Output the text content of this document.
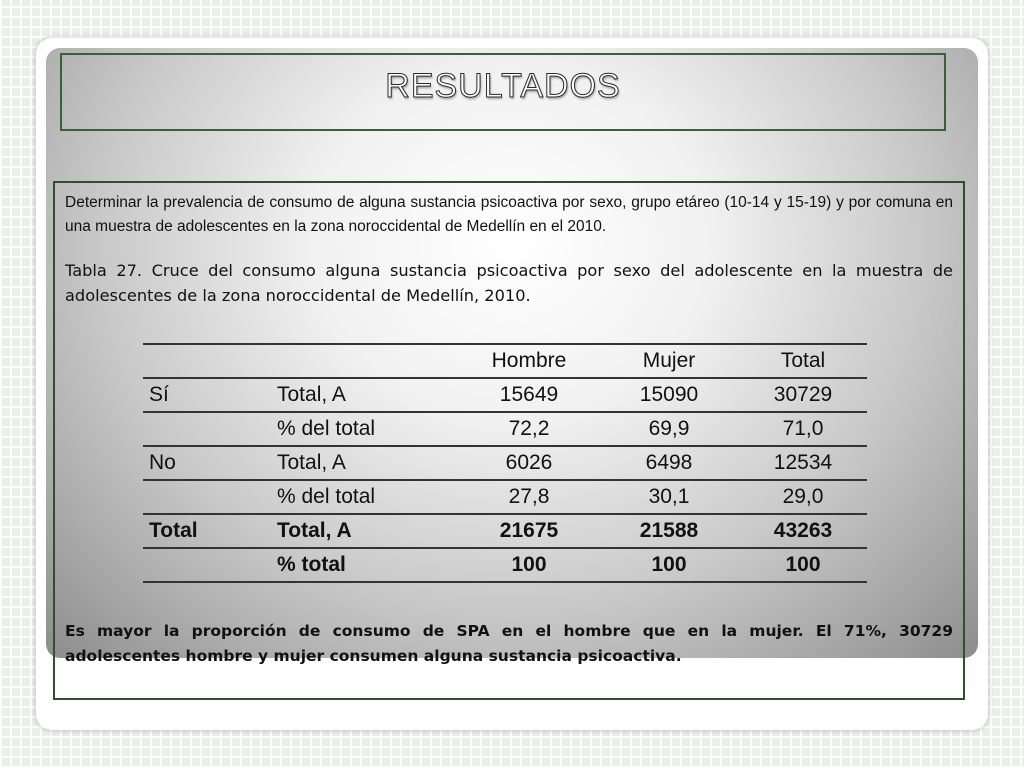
RESULTADOS

Determinar la prevalencia de consumo de alguna sustancia psicoactiva por sexo, grupo etáreo (10-14 y 15-19) y por comuna en una muestra de adolescentes en la zona noroccidental de Medellín en el 2010.

Tabla 27. Cruce del consumo alguna sustancia psicoactiva por sexo del adolescente en la muestra de adolescentes de la zona noroccidental de Medellín, 2010.

		Hombre	Mujer	Total
Sí	Total, A	15649	15090	30729
	% del total	72,2	69,9	71,0
No	Total, A	6026	6498	12534
	% del total	27,8	30,1	29,0
Total	Total, A	21675	21588	43263
	% total	100	100	100

Es mayor la proporción de consumo de SPA en el hombre que en la mujer. El 71%, 30729 adolescentes hombre y mujer consumen alguna sustancia psicoactiva.
